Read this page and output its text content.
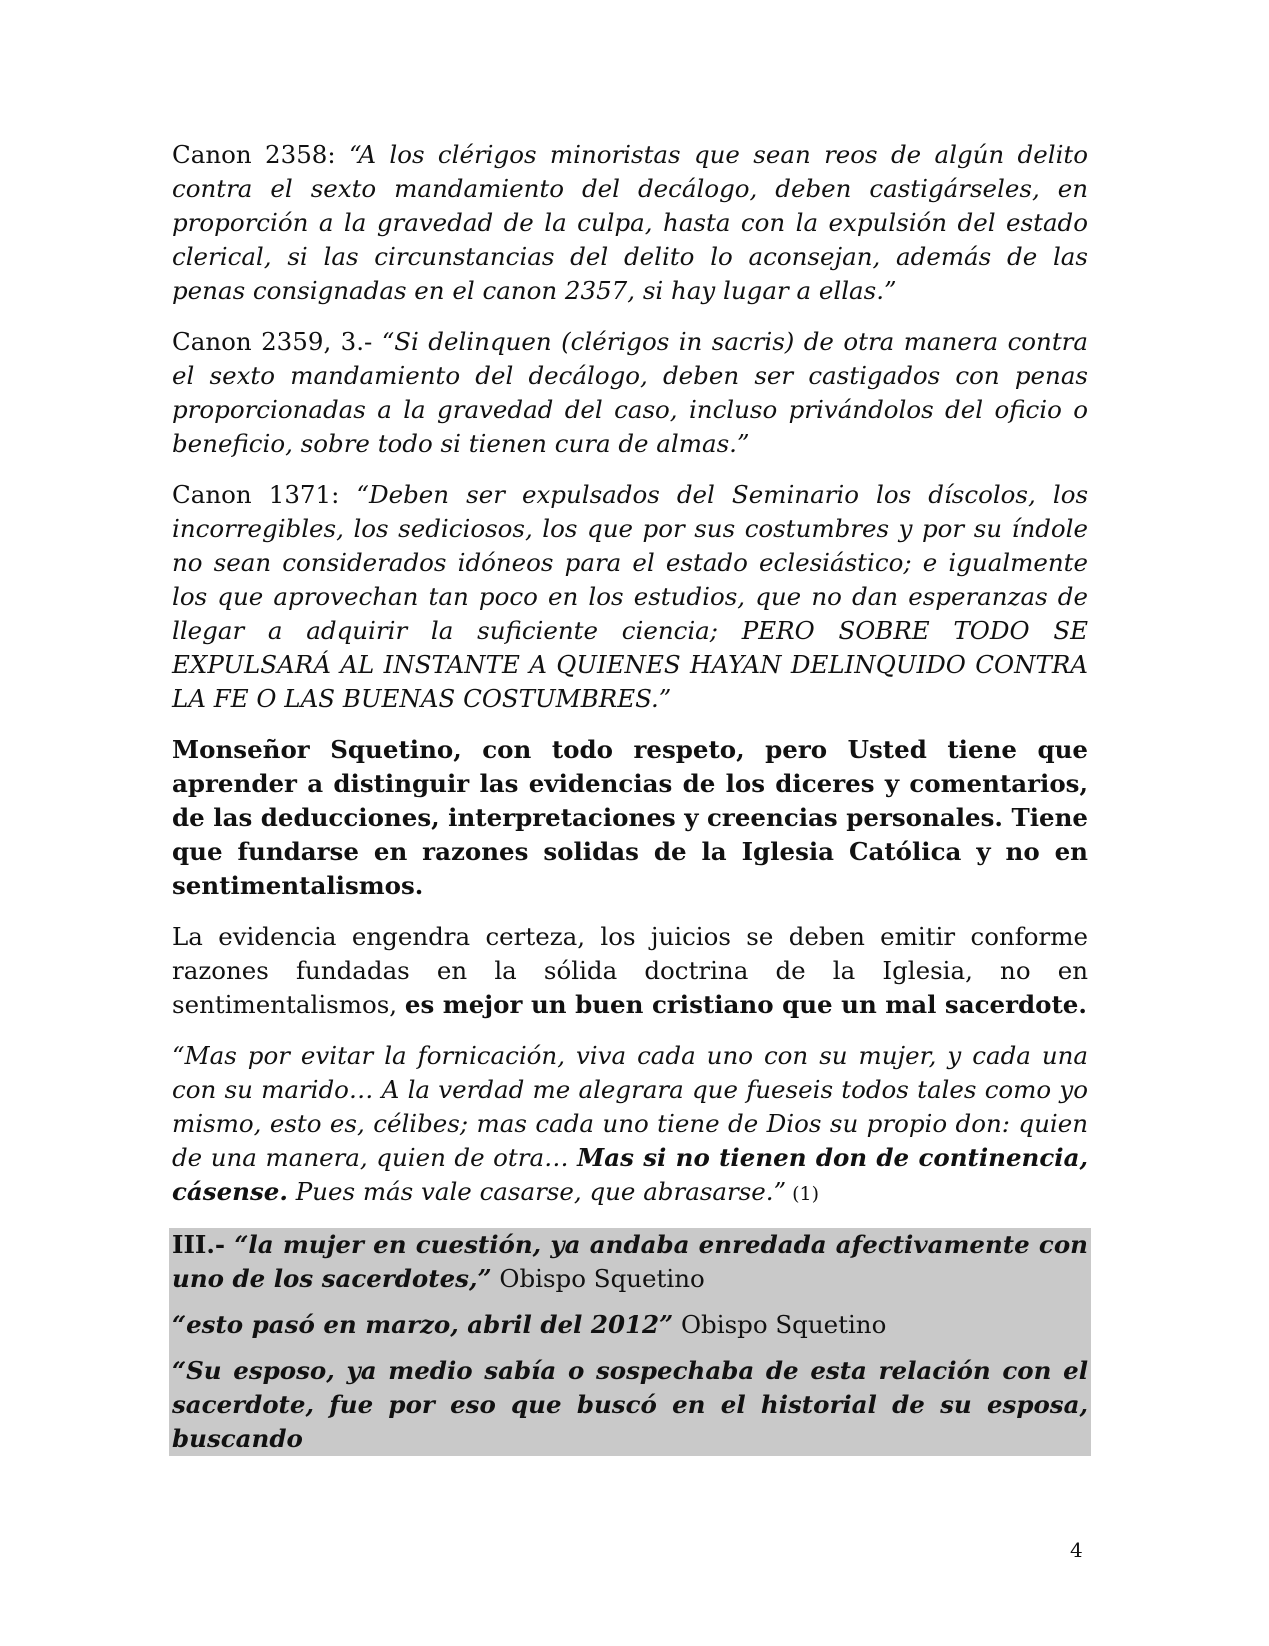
Canon 2358: “A los clérigos minoristas que sean reos de algún delito contra el sexto mandamiento del decálogo, deben castigárseles, en proporción a la gravedad de la culpa, hasta con la expulsión del estado clerical, si las circunstancias del delito lo aconsejan, además de las penas consignadas en el canon 2357, si hay lugar a ellas.”

Canon 2359, 3.- “Si delinquen (clérigos in sacris) de otra manera contra el sexto mandamiento del decálogo, deben ser castigados con penas proporcionadas a la gravedad del caso, incluso privándolos del oficio o beneficio, sobre todo si tienen cura de almas.”

Canon 1371: “Deben ser expulsados del Seminario los díscolos, los incorregibles, los sediciosos, los que por sus costumbres y por su índole no sean considerados idóneos para el estado eclesiástico; e igualmente los que aprovechan tan poco en los estudios, que no dan esperanzas de llegar a adquirir la suficiente ciencia; PERO SOBRE TODO SE EXPULSARÁ AL INSTANTE A QUIENES HAYAN DELINQUIDO CONTRA LA FE O LAS BUENAS COSTUMBRES.”

Monseñor Squetino, con todo respeto, pero Usted tiene que aprender a distinguir las evidencias de los diceres y comentarios, de las deducciones, interpretaciones y creencias personales. Tiene que fundarse en razones solidas de la Iglesia Católica y no en sentimentalismos.

La evidencia engendra certeza, los juicios se deben emitir conforme razones fundadas en la sólida doctrina de la Iglesia, no en sentimentalismos, es mejor un buen cristiano que un mal sacerdote.

“Mas por evitar la fornicación, viva cada uno con su mujer, y cada una con su marido… A la verdad me alegrara que fueseis todos tales como yo mismo, esto es, célibes; mas cada uno tiene de Dios su propio don: quien de una manera, quien de otra… Mas si no tienen don de continencia, cásense. Pues más vale casarse, que abrasarse.” (1)

III.- “la mujer en cuestión, ya andaba enredada afectivamente con uno de los sacerdotes,” Obispo Squetino

“esto pasó en marzo, abril del 2012” Obispo Squetino

“Su esposo, ya medio sabía o sospechaba de esta relación con el sacerdote, fue por eso que buscó en el historial de su esposa, buscando

4
